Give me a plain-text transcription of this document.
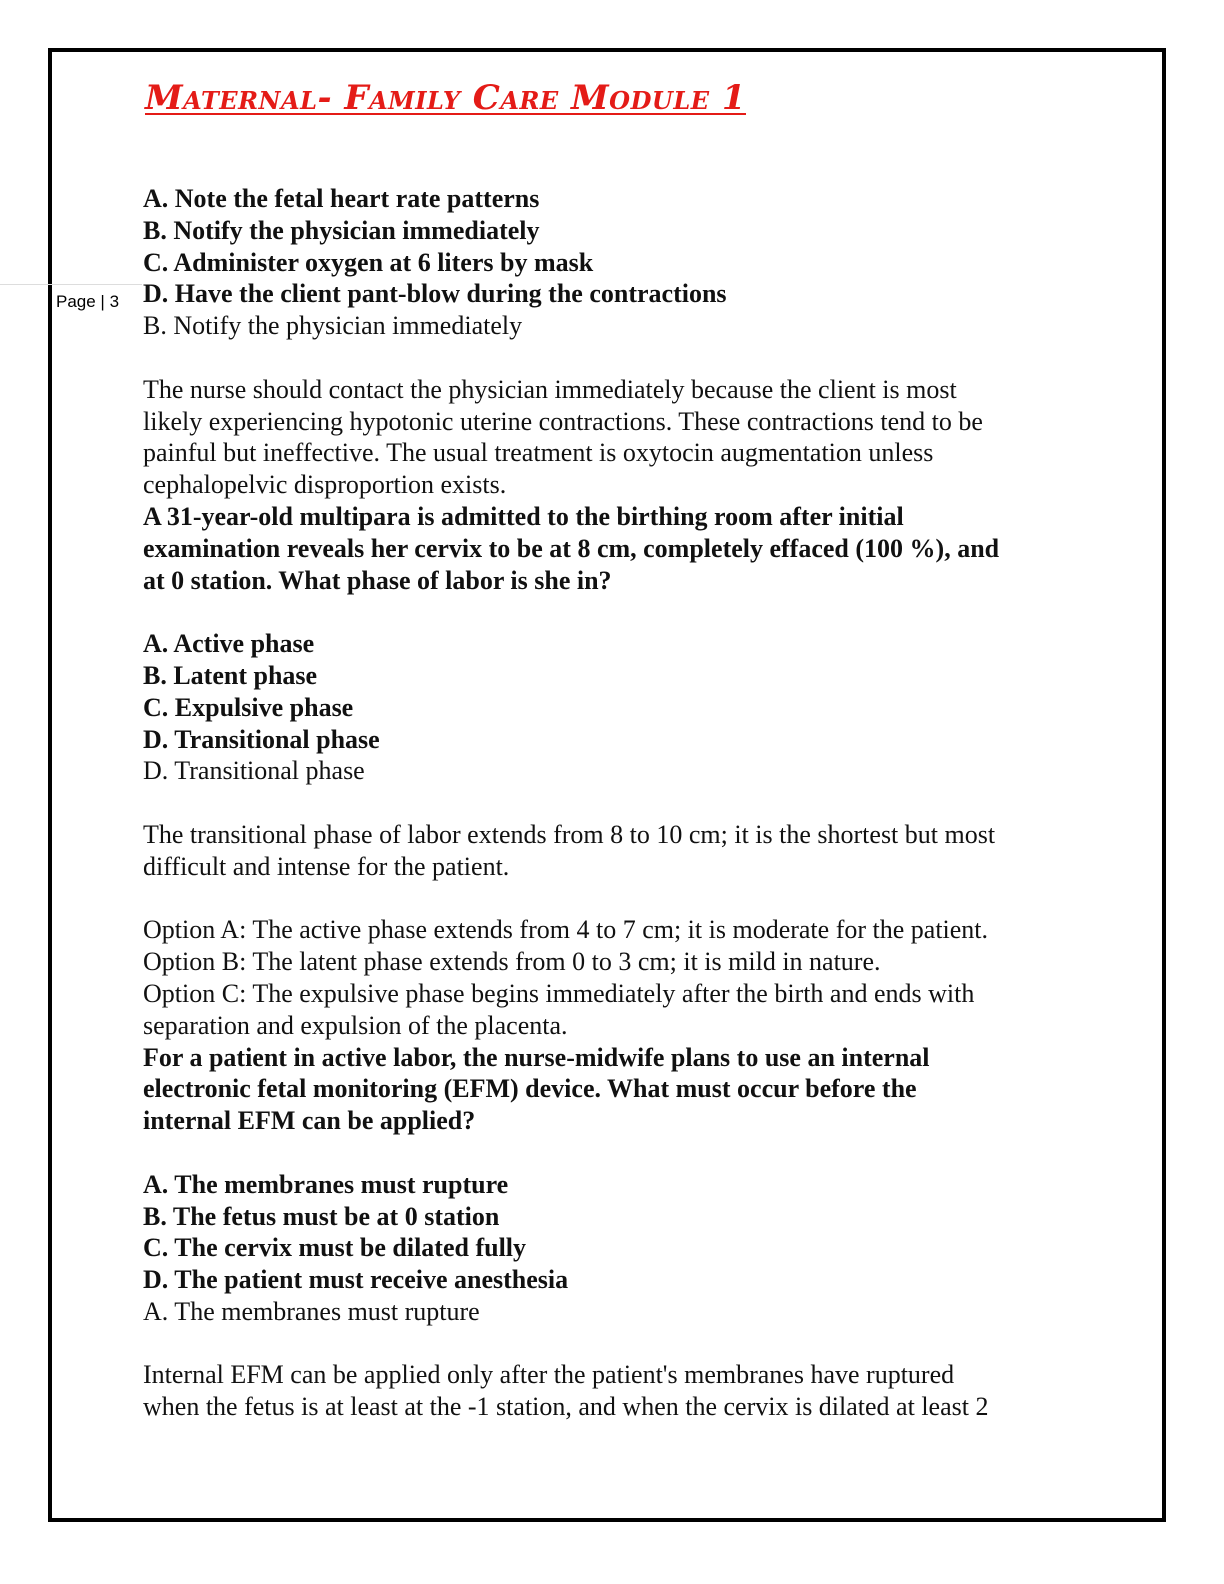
Maternal- Family Care Module 1
Page | 3
A. Note the fetal heart rate patterns
B. Notify the physician immediately
C. Administer oxygen at 6 liters by mask
D. Have the client pant-blow during the contractions
B. Notify the physician immediately
The nurse should contact the physician immediately because the client is most
likely experiencing hypotonic uterine contractions. These contractions tend to be
painful but ineffective. The usual treatment is oxytocin augmentation unless
cephalopelvic disproportion exists.
A 31-year-old multipara is admitted to the birthing room after initial
examination reveals her cervix to be at 8 cm, completely effaced (100 %), and
at 0 station. What phase of labor is she in?
A. Active phase
B. Latent phase
C. Expulsive phase
D. Transitional phase
D. Transitional phase
The transitional phase of labor extends from 8 to 10 cm; it is the shortest but most
difficult and intense for the patient.
Option A: The active phase extends from 4 to 7 cm; it is moderate for the patient.
Option B: The latent phase extends from 0 to 3 cm; it is mild in nature.
Option C: The expulsive phase begins immediately after the birth and ends with
separation and expulsion of the placenta.
For a patient in active labor, the nurse-midwife plans to use an internal
electronic fetal monitoring (EFM) device. What must occur before the
internal EFM can be applied?
A. The membranes must rupture
B. The fetus must be at 0 station
C. The cervix must be dilated fully
D. The patient must receive anesthesia
A. The membranes must rupture
Internal EFM can be applied only after the patient's membranes have ruptured
when the fetus is at least at the -1 station, and when the cervix is dilated at least 2
